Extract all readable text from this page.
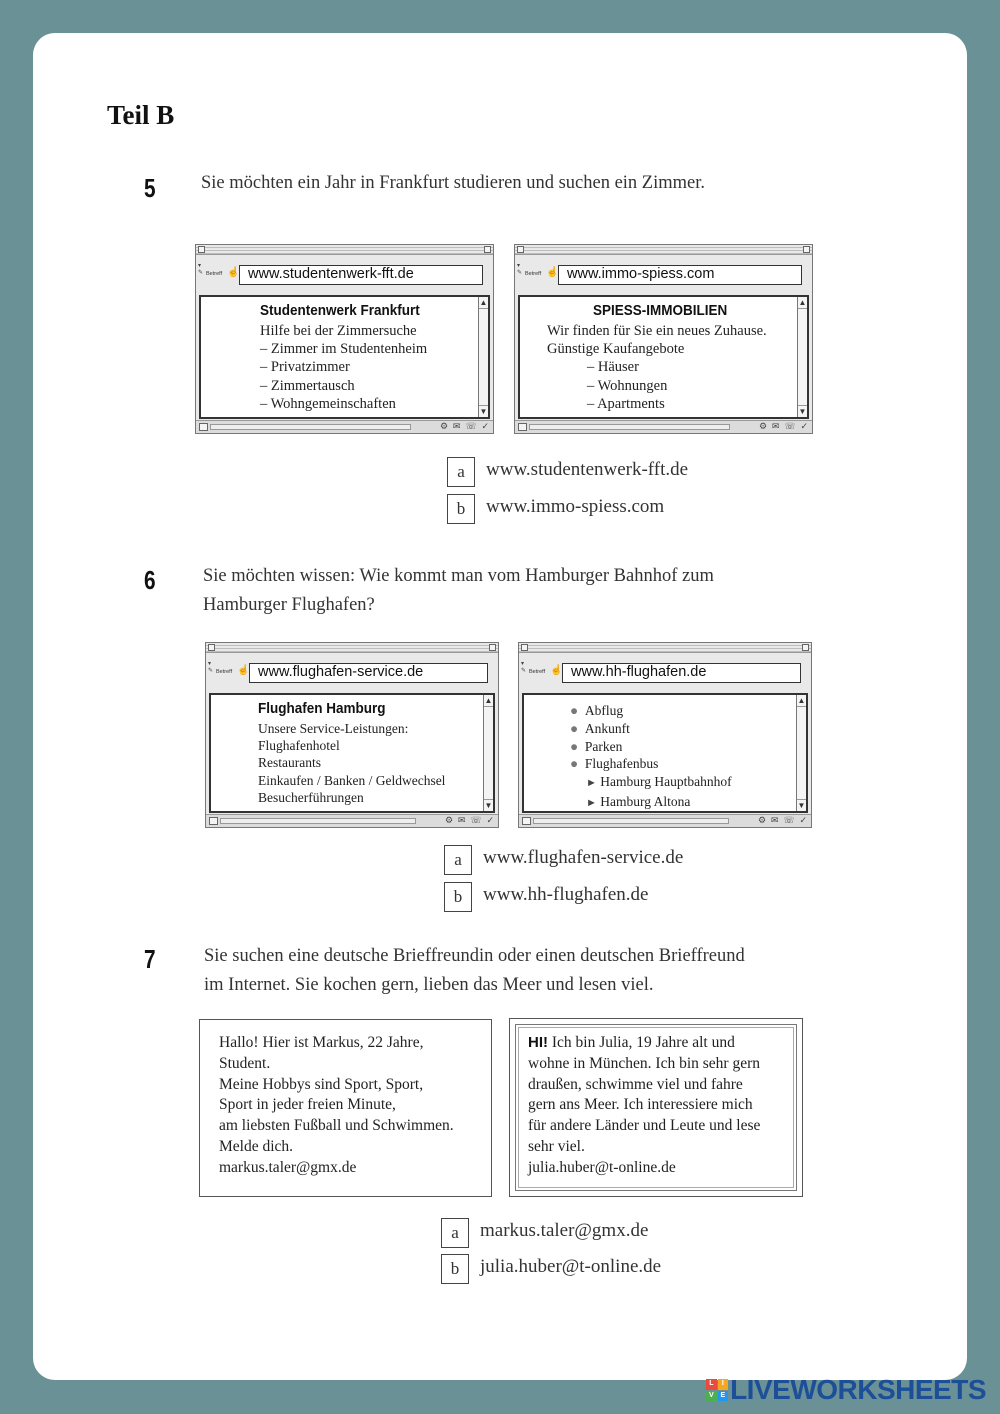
Teil B
5 Sie möchten ein Jahr in Frankfurt studieren und suchen ein Zimmer.
▾
✎ Betreff ☝ www.studentenwerk-fft.de
Studentenwerk Frankfurt
Hilfe bei der Zimmersuche
– Zimmer im Studentenheim
– Privatzimmer
– Zimmertausch
– Wohngemeinschaften
▲
▼
⚙ ✉ ☏ ✓
▾
✎ Betreff ☝ www.immo-spiess.com
SPIESS-IMMOBILIEN
Wir finden für Sie ein neues Zuhause.
Günstige Kaufangebote
– Häuser
– Wohnungen
– Apartments
▲
▼
⚙ ✉ ☏ ✓
a	www.studentenwerk-fft.de
b	www.immo-spiess.com
6	Sie möchten wissen: Wie kommt man vom Hamburger Bahnhof zum
Hamburger Flughafen?
▾
✎ Betreff ☝ www.flughafen-service.de
Flughafen Hamburg
Unsere Service-Leistungen:
Flughafenhotel
Restaurants
Einkaufen / Banken / Geldwechsel
Besucherführungen
▲
▼
⚙ ✉ ☏ ✓
▾
✎ Betreff ☝ www.hh-flughafen.de
● Abflug
● Ankunft
● Parken
● Flughafenbus
► Hamburg Hauptbahnhof
► Hamburg Altona
▲
▼
⚙ ✉ ☏ ✓
a	www.flughafen-service.de
b	www.hh-flughafen.de
7	Sie suchen eine deutsche Brieffreundin oder einen deutschen Brieffreund
im Internet. Sie kochen gern, lieben das Meer und lesen viel.
Hallo! Hier ist Markus, 22 Jahre,
Student.
Meine Hobbys sind Sport, Sport,
Sport in jeder freien Minute,
am liebsten Fußball und Schwimmen.
Melde dich.
markus.taler@gmx.de
HI! Ich bin Julia, 19 Jahre alt und
wohne in München. Ich bin sehr gern
draußen, schwimme viel und fahre
gern ans Meer. Ich interessiere mich
für andere Länder und Leute und lese
sehr viel.
julia.huber@t-online.de
a	markus.taler@gmx.de
b	julia.huber@t-online.de
L	I
V E LIVEWORKSHEETS
